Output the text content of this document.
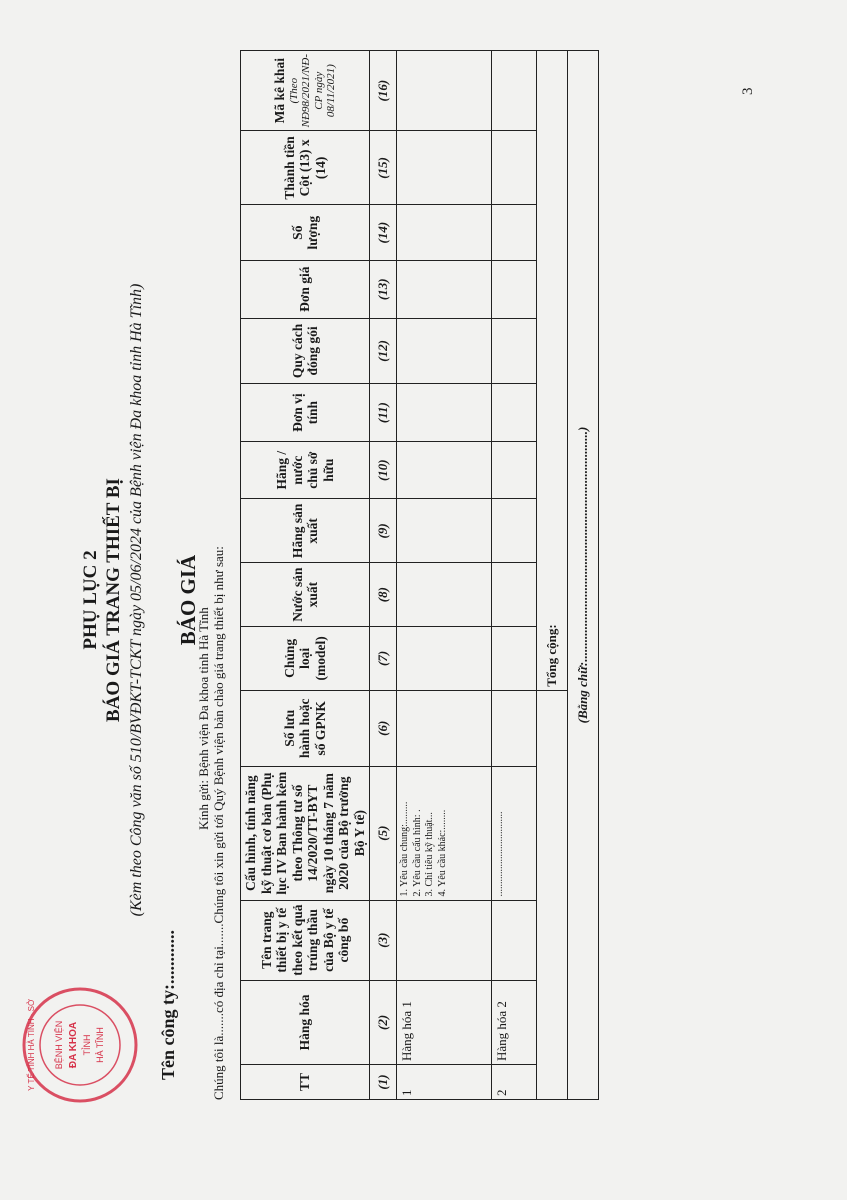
BỆNH VIỆN ĐA KHOA TỈNH HÀ TĨNH
Y TẾ TỈNH HÀ TĨNH · SỞ
PHỤ LỤC 2 BÁO GIÁ TRANG THIẾT BỊ (Kèm theo Công văn số 510/BVĐKT-TCKT ngày 05/06/2024 của Bệnh viện Đa khoa tỉnh Hà Tĩnh)
Tên công ty:............
BÁO GIÁ
Kính gửi: Bệnh viện Đa khoa tỉnh Hà Tĩnh Chúng tôi là.......có địa chỉ tại.......Chúng tôi xin gửi tới Quý Bệnh viện bản chào giá trang thiết bị như sau:	TT	Hàng hóa	Tên trang thiết bị y tế theo kết quả trúng thầu của Bộ y tế công bố	Cấu hình, tính năng kỹ thuật cơ bản (Phụ lục IV Ban hành kèm theo Thông tư số 14/2020/TT-BYT ngày 10 tháng 7 năm 2020 của Bộ trưởng Bộ Y tế)	Số lưu hành hoặc số GPNK	Chủng loại (model)	Nước sản xuất	Hãng sản xuất	Hãng / nước chủ sở hữu	Đơn vị tính	Quy cách đóng gói	Đơn giá	Số lượng	Thành tiền Cột (13) x (14)	Mã kê khai (Theo NĐ98/2021/NĐ-CP ngày 08/11/2021)

(1)	(2)	(3)	(5)	(6)	(7)	(8)	(9)	(10)	(11)	(12)	(13)	(14)	(15)	(16)
1	Hàng hóa 1		1. Yêu cầu chung:......... 2. Yêu cầu cấu hình: . 3. Chỉ tiêu kỹ thuật... 4. Yêu cầu khác:........											

2	Hàng hóa 2		..................................											

					Tổng cộng:									
(Bằng chữ:.......................................................................)														
3
